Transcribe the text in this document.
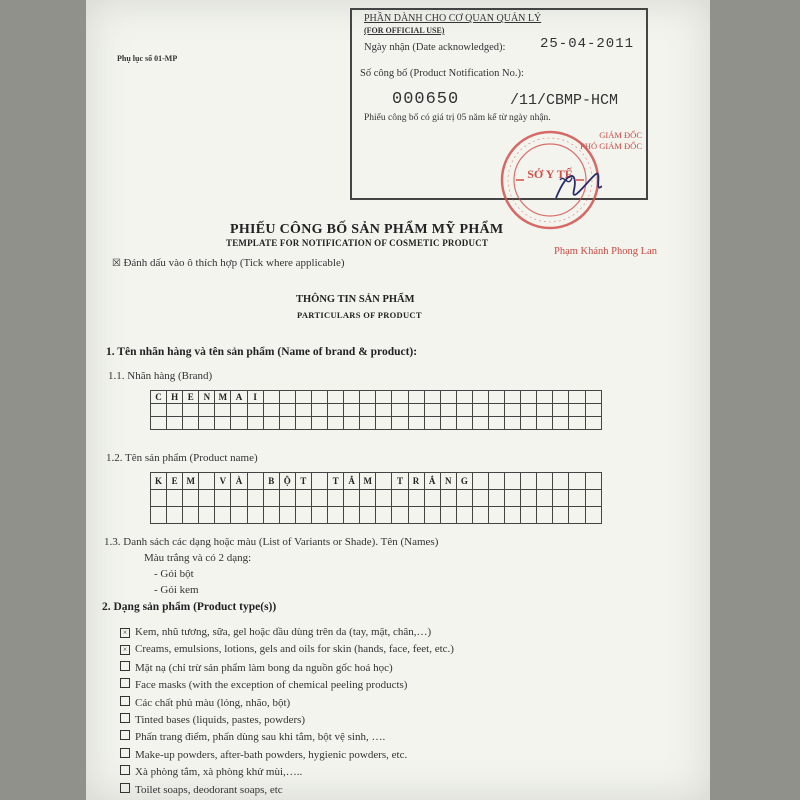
Phụ lục số 01-MP
PHẦN DÀNH CHO CƠ QUAN QUẢN LÝ
(FOR OFFICIAL USE)
Ngày nhận (Date acknowledged): 25-04-2011
Số công bố (Product Notification No.):
000650	/11/CBMP-HCM
Phiếu công bố có giá trị 05 năm kể từ ngày nhận.
GIÁM ĐỐC
PHÓ GIÁM ĐỐC
SỞ Y TẾ
Phạm Khánh Phong Lan
PHIẾU CÔNG BỐ SẢN PHẨM MỸ PHẨM
TEMPLATE FOR NOTIFICATION OF COSMETIC PRODUCT
☒ Đánh dấu vào ô thích hợp (Tick where applicable)
THÔNG TIN SẢN PHẨM
PARTICULARS OF PRODUCT
1. Tên nhãn hàng và tên sản phẩm (Name of brand & product):
1.1. Nhãn hàng (Brand)
C	H	E	N M A	I
1.2. Tên sản phẩm (Product name)
K	E M	V	À	B	Ộ	T	T	Ắ M	T	R	Ắ	N	G
1.3. Danh sách các dạng hoặc màu (List of Variants or Shade). Tên (Names)
Màu trắng và có 2 dạng:
- Gói bột
- Gói kem
2. Dạng sản phẩm (Product type(s))
× Kem, nhũ tương, sữa, gel hoặc dầu dùng trên da (tay, mặt, chân,…)
× Creams, emulsions, lotions, gels and oils for skin (hands, face, feet, etc.)
Mặt nạ (chỉ trừ sản phẩm làm bong da nguồn gốc hoá học)
Face masks (with the exception of chemical peeling products)
Các chất phủ màu (lỏng, nhão, bột)
Tinted bases (liquids, pastes, powders)
Phấn trang điểm, phấn dùng sau khi tắm, bột vệ sinh, ….
Make-up powders, after-bath powders, hygienic powders, etc.
Xà phòng tắm, xà phòng khử mùi,…..
Toilet soaps, deodorant soaps, etc
